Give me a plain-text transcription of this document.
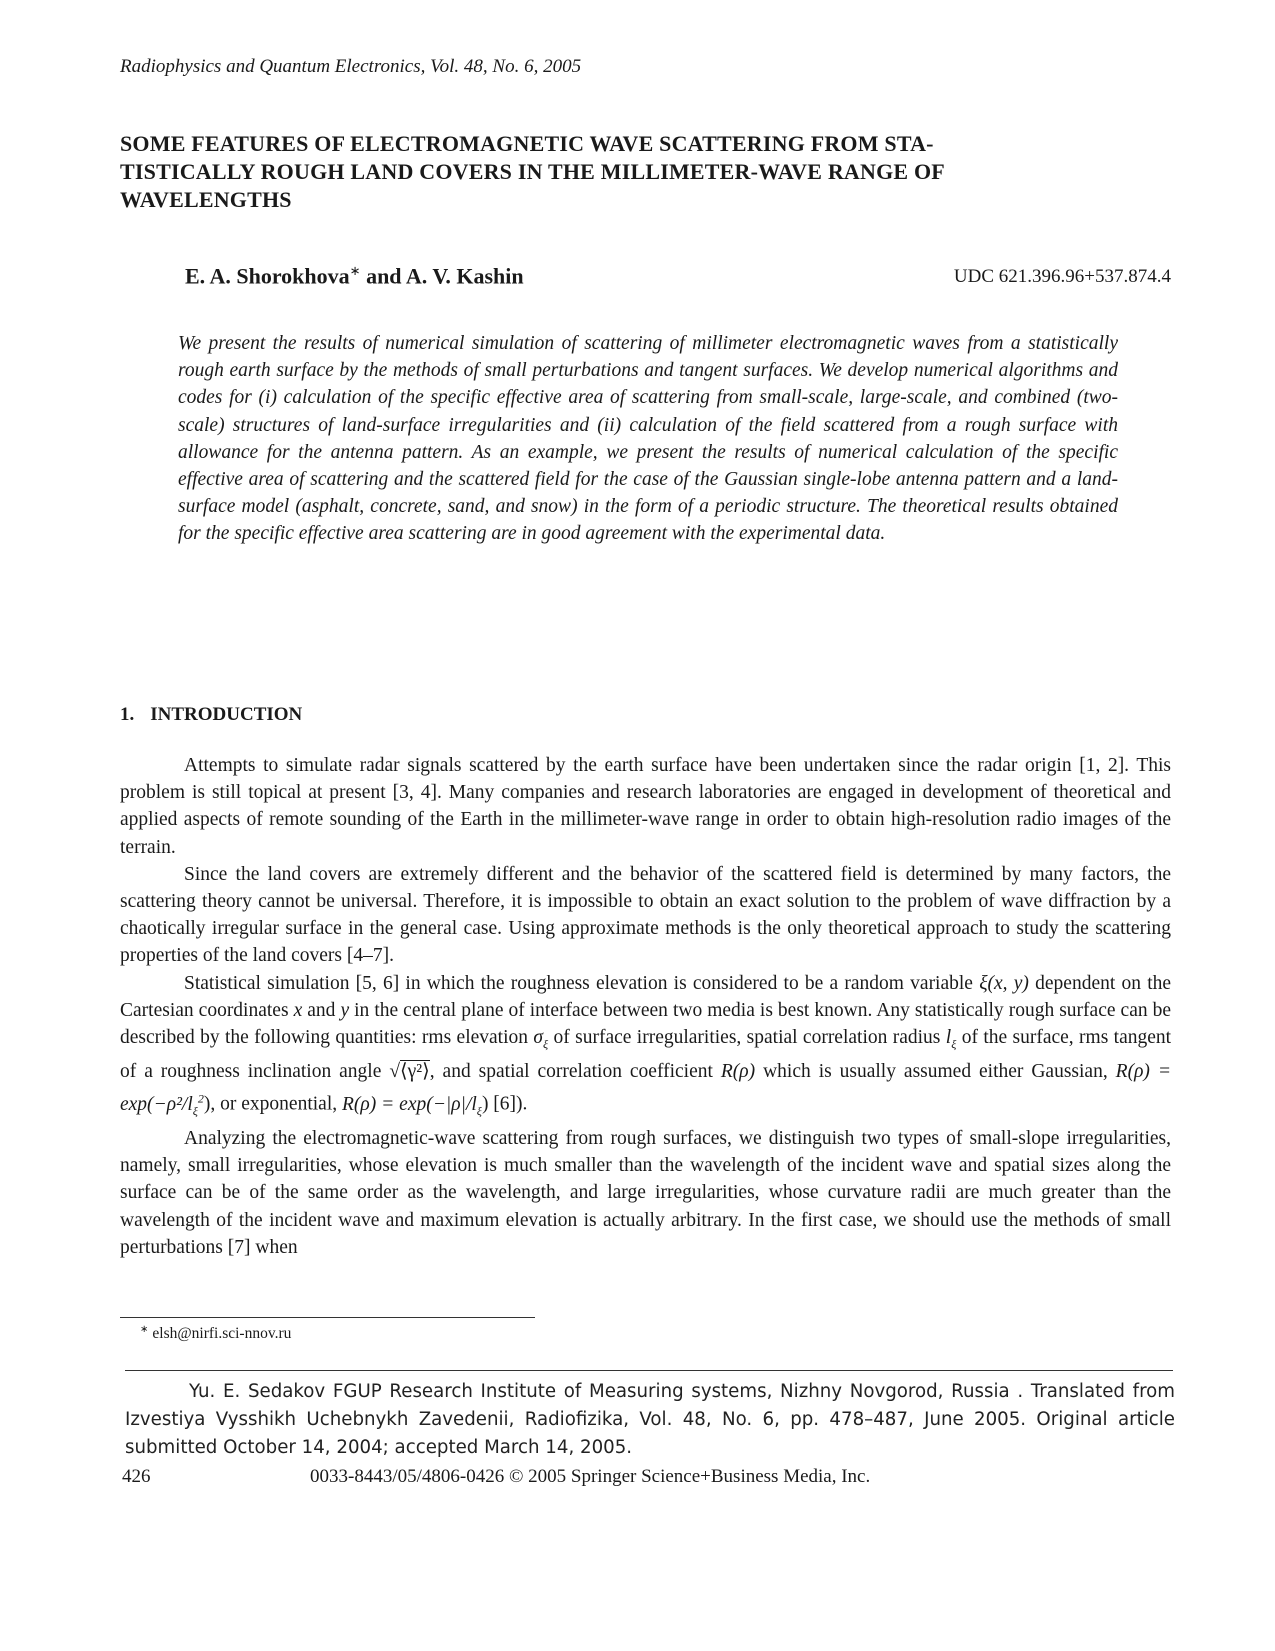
Radiophysics and Quantum Electronics, Vol. 48, No. 6, 2005
SOME FEATURES OF ELECTROMAGNETIC WAVE SCATTERING FROM STA-
TISTICALLY ROUGH LAND COVERS IN THE MILLIMETER-WAVE RANGE OF
WAVELENGTHS
E. A. Shorokhova∗ and A. V. Kashin	UDC 621.396.96+537.874.4
We present the results of numerical simulation of scattering of millimeter electromagnetic waves from a statistically rough earth surface by the methods of small perturbations and tangent surfaces. We develop numerical algorithms and codes for (i) calculation of the specific effective area of scattering from small-scale, large-scale, and combined (two-scale) structures of land-surface irregularities and (ii) calculation of the field scattered from a rough surface with allowance for the antenna pattern. As an example, we present the results of numerical calculation of the specific effective area of scattering and the scattered field for the case of the Gaussian single-lobe antenna pattern and a land-surface model (asphalt, concrete, sand, and snow) in the form of a periodic structure. The theoretical results obtained for the specific effective area scattering are in good agreement with the experimental data.
1. INTRODUCTION

Attempts to simulate radar signals scattered by the earth surface have been undertaken since the radar origin [1, 2]. This problem is still topical at present [3, 4]. Many companies and research laboratories are engaged in development of theoretical and applied aspects of remote sounding of the Earth in the millimeter-wave range in order to obtain high-resolution radio images of the terrain.

Since the land covers are extremely different and the behavior of the scattered field is determined by many factors, the scattering theory cannot be universal. Therefore, it is impossible to obtain an exact solution to the problem of wave diffraction by a chaotically irregular surface in the general case. Using approximate methods is the only theoretical approach to study the scattering properties of the land covers [4–7].

Statistical simulation [5, 6] in which the roughness elevation is considered to be a random variable ξ(x, y) dependent on the Cartesian coordinates x and y in the central plane of interface between two media is best known. Any statistically rough surface can be described by the following quantities: rms elevation $\sigma_\xi$ of surface irregularities, spatial correlation radius $l_\xi$ of the surface, rms tangent of a roughness inclination angle √⟨γ²⟩, and spatial correlation coefficient R(ρ) which is usually assumed either Gaussian, $R(\rho) = \exp(-\rho^2/l_\xi^2)$, or exponential, $R(\rho) = \exp(-|\rho|/l_\xi)$ [6]).

Analyzing the electromagnetic-wave scattering from rough surfaces, we distinguish two types of small-slope irregularities, namely, small irregularities, whose elevation is much smaller than the wavelength of the incident wave and spatial sizes along the surface can be of the same order as the wavelength, and large irregularities, whose curvature radii are much greater than the wavelength of the incident wave and maximum elevation is actually arbitrary. In the first case, we should use the methods of small perturbations [7] when

∗ elsh@nirfi.sci-nnov.ru
Yu. E. Sedakov FGUP Research Institute of Measuring systems, Nizhny Novgorod, Russia . Translated from Izvestiya Vysshikh Uchebnykh Zavedenii, Radiofizika, Vol. 48, No. 6, pp. 478–487, June 2005. Original article submitted October 14, 2004; accepted March 14, 2005.
426	0033-8443/05/4806-0426 © 2005 Springer Science+Business Media, Inc.
